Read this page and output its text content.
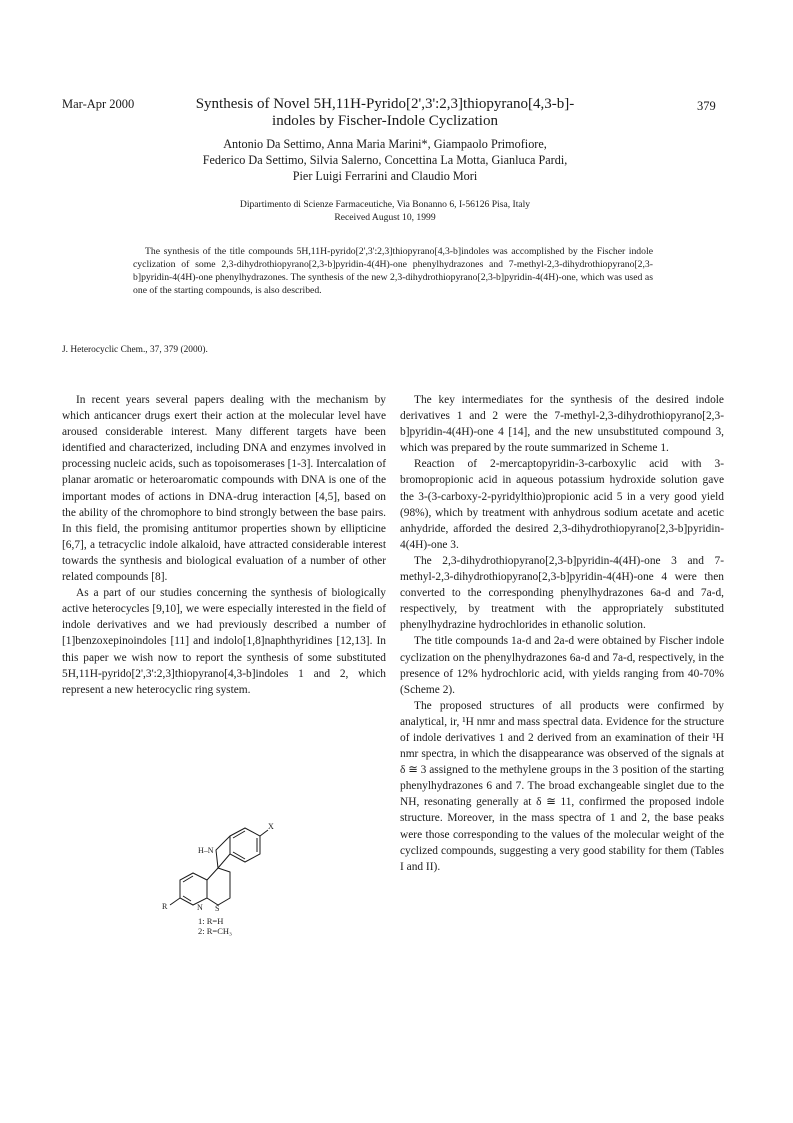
Mar-Apr 2000	379
Synthesis of Novel 5H,11H-Pyrido[2',3':2,3]thiopyrano[4,3-b]-
indoles by Fischer-Indole Cyclization
Antonio Da Settimo, Anna Maria Marini*, Giampaolo Primofiore,
Federico Da Settimo, Silvia Salerno, Concettina La Motta, Gianluca Pardi,
Pier Luigi Ferrarini and Claudio Mori
Dipartimento di Scienze Farmaceutiche, Via Bonanno 6, I-56126 Pisa, Italy
Received August 10, 1999

The synthesis of the title compounds 5H,11H-pyrido[2',3':2,3]thiopyrano[4,3-b]indoles was accomplished by the Fischer indole cyclization of some 2,3-dihydrothiopyrano[2,3-b]pyridin-4(4H)-one phenylhydrazones and 7-methyl-2,3-dihydrothiopyrano[2,3-b]pyridin-4(4H)-one phenylhydrazones. The synthesis of the new 2,3-dihydrothiopyrano[2,3-b]pyridin-4(4H)-one, which was used as one of the starting compounds, is also described.

J. Heterocyclic Chem., 37, 379 (2000).

In recent years several papers dealing with the mechanism by which anticancer drugs exert their action at the molecular level have aroused considerable interest. Many different targets have been identified and characterized, including DNA and enzymes involved in processing nucleic acids, such as topoisomerases [1-3]. Intercalation of planar aromatic or heteroaromatic compounds with DNA is one of the important modes of actions in DNA-drug interaction [4,5], based on the ability of the chromophore to bind strongly between the base pairs. In this field, the promising antitumor properties shown by ellipticine [6,7], a tetracyclic indole alkaloid, have attracted considerable interest towards the synthesis and biological evaluation of a number of other related compounds [8].

As a part of our studies concerning the synthesis of biologically active heterocycles [9,10], we were especially interested in the field of indole derivatives and we had previously described a number of [1]benzoxepinoindoles [11] and indolo[1,8]naphthyridines [12,13]. In this paper we wish now to report the synthesis of some substituted 5H,11H-pyrido[2',3':2,3]thiopyrano[4,3-b]indoles 1 and 2, which represent a new heterocyclic ring system.

The key intermediates for the synthesis of the desired indole derivatives 1 and 2 were the 7-methyl-2,3-dihydrothiopyrano[2,3-b]pyridin-4(4H)-one 4 [14], and the new unsubstituted compound 3, which was prepared by the route summarized in Scheme 1.

Reaction of 2-mercaptopyridin-3-carboxylic acid with 3-bromopropionic acid in aqueous potassium hydroxide solution gave the 3-(3-carboxy-2-pyridylthio)propionic acid 5 in a very good yield (98%), which by treatment with anhydrous sodium acetate and acetic anhydride, afforded the desired 2,3-dihydrothiopyrano[2,3-b]pyridin-4(4H)-one 3.

The 2,3-dihydrothiopyrano[2,3-b]pyridin-4(4H)-one 3 and 7-methyl-2,3-dihydrothiopyrano[2,3-b]pyridin-4(4H)-one 4 were then converted to the corresponding phenylhydrazones 6a-d and 7a-d, respectively, by treatment with the appropriately substituted phenylhydrazine hydrochlorides in ethanolic solution.

The title compounds 1a-d and 2a-d were obtained by Fischer indole cyclization on the phenylhydrazones 6a-d and 7a-d, respectively, in the presence of 12% hydrochloric acid, with yields ranging from 40-70% (Scheme 2).

The proposed structures of all products were confirmed by analytical, ir, ¹H nmr and mass spectral data. Evidence for the structure of indole derivatives 1 and 2 derived from an examination of their ¹H nmr spectra, in which the disappearance was observed of the signals at δ ≅ 3 assigned to the methylene groups in the 3 position of the starting phenylhydrazones 6 and 7. The broad exchangeable singlet due to the NH, resonating generally at δ ≅ 11, confirmed the proposed indole structure. Moreover, in the mass spectra of 1 and 2, the base peaks were those corresponding to the values of the molecular weight of the cyclized compounds, suggesting a very good stability for them (Tables I and II).

X
H–N
N S
R
1: R=H
2: R=CH₃
